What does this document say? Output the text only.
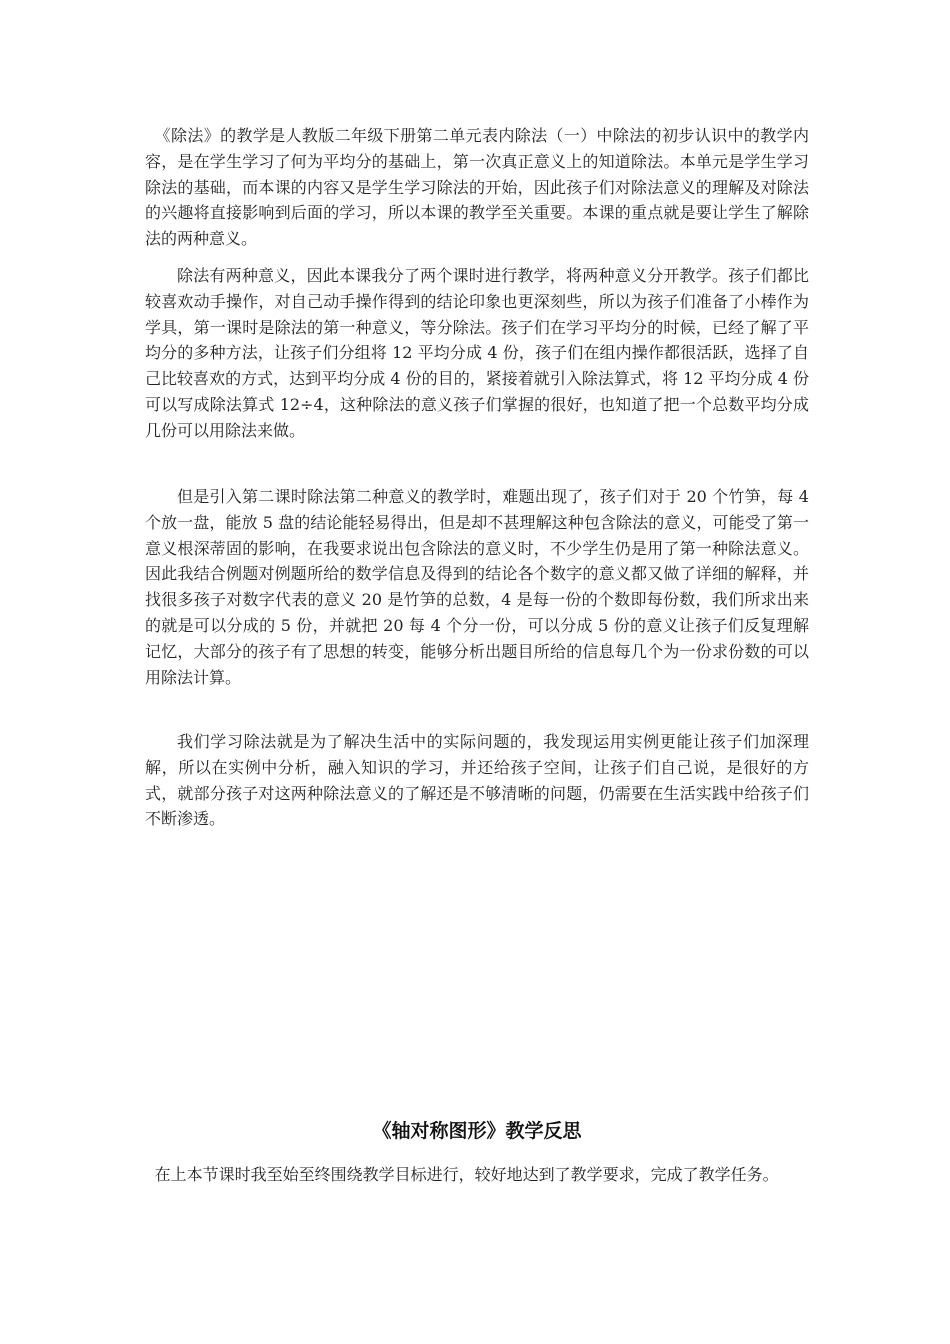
《除法》的教学是人教版二年级下册第二单元表内除法（一）中除法的初步认识中的教学内容，是在学生学习了何为平均分的基础上，第一次真正意义上的知道除法。本单元是学生学习除法的基础，而本课的内容又是学生学习除法的开始，因此孩子们对除法意义的理解及对除法的兴趣将直接影响到后面的学习，所以本课的教学至关重要。本课的重点就是要让学生了解除法的两种意义。

除法有两种意义，因此本课我分了两个课时进行教学，将两种意义分开教学。孩子们都比较喜欢动手操作，对自己动手操作得到的结论印象也更深刻些，所以为孩子们准备了小棒作为学具，第一课时是除法的第一种意义，等分除法。孩子们在学习平均分的时候，已经了解了平均分的多种方法，让孩子们分组将 12 平均分成 4 份，孩子们在组内操作都很活跃，选择了自己比较喜欢的方式，达到平均分成 4 份的目的，紧接着就引入除法算式，将 12 平均分成 4 份可以写成除法算式 12÷4，这种除法的意义孩子们掌握的很好，也知道了把一个总数平均分成几份可以用除法来做。

但是引入第二课时除法第二种意义的教学时，难题出现了，孩子们对于 20 个竹笋，每 4 个放一盘，能放 5 盘的结论能轻易得出，但是却不甚理解这种包含除法的意义，可能受了第一意义根深蒂固的影响，在我要求说出包含除法的意义时，不少学生仍是用了第一种除法意义。因此我结合例题对例题所给的数学信息及得到的结论各个数字的意义都又做了详细的解释，并找很多孩子对数字代表的意义 20 是竹笋的总数，4 是每一份的个数即每份数，我们所求出来的就是可以分成的 5 份，并就把 20 每 4 个分一份，可以分成 5 份的意义让孩子们反复理解记忆，大部分的孩子有了思想的转变，能够分析出题目所给的信息每几个为一份求份数的可以用除法计算。

我们学习除法就是为了解决生活中的实际问题的，我发现运用实例更能让孩子们加深理解，所以在实例中分析，融入知识的学习，并还给孩子空间，让孩子们自己说，是很好的方式，就部分孩子对这两种除法意义的了解还是不够清晰的问题，仍需要在生活实践中给孩子们不断渗透。

《轴对称图形》教学反思

在上本节课时我至始至终围绕教学目标进行，较好地达到了教学要求，完成了教学任务。
